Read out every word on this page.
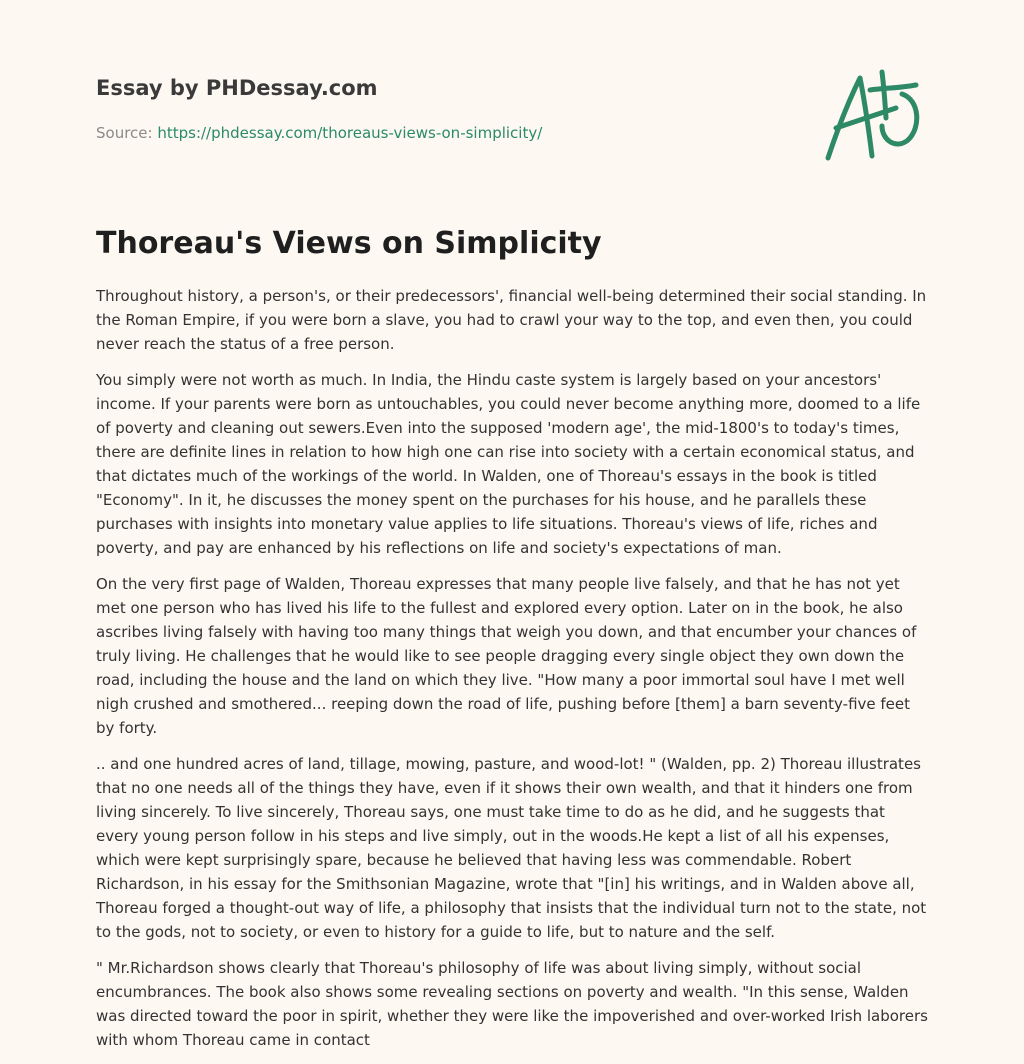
Essay by PHDessay.com
Source: https://phdessay.com/thoreaus-views-on-simplicity/
Thoreau's Views on Simplicity

Throughout history, a person's, or their predecessors', financial well-being determined their social standing. In the Roman Empire, if you were born a slave, you had to crawl your way to the top, and even then, you could never reach the status of a free person.

You simply were not worth as much. In India, the Hindu caste system is largely based on your ancestors' income. If your parents were born as untouchables, you could never become anything more, doomed to a life of poverty and cleaning out sewers.Even into the supposed 'modern age', the mid-1800's to today's times, there are definite lines in relation to how high one can rise into society with a certain economical status, and that dictates much of the workings of the world. In Walden, one of Thoreau's essays in the book is titled "Economy". In it, he discusses the money spent on the purchases for his house, and he parallels these purchases with insights into monetary value applies to life situations. Thoreau's views of life, riches and poverty, and pay are enhanced by his reflections on life and society's expectations of man.

On the very first page of Walden, Thoreau expresses that many people live falsely, and that he has not yet met one person who has lived his life to the fullest and explored every option. Later on in the book, he also ascribes living falsely with having too many things that weigh you down, and that encumber your chances of truly living. He challenges that he would like to see people dragging every single object they own down the road, including the house and the land on which they live. "How many a poor immortal soul have I met well nigh crushed and smothered... reeping down the road of life, pushing before [them] a barn seventy-five feet by forty.

.. and one hundred acres of land, tillage, mowing, pasture, and wood-lot! " (Walden, pp. 2) Thoreau illustrates that no one needs all of the things they have, even if it shows their own wealth, and that it hinders one from living sincerely. To live sincerely, Thoreau says, one must take time to do as he did, and he suggests that every young person follow in his steps and live simply, out in the woods.He kept a list of all his expenses, which were kept surprisingly spare, because he believed that having less was commendable. Robert Richardson, in his essay for the Smithsonian Magazine, wrote that "[in] his writings, and in Walden above all, Thoreau forged a thought-out way of life, a philosophy that insists that the individual turn not to the state, not to the gods, not to society, or even to history for a guide to life, but to nature and the self.

" Mr.Richardson shows clearly that Thoreau's philosophy of life was about living simply, without social encumbrances. The book also shows some revealing sections on poverty and wealth. "In this sense, Walden was directed toward the poor in spirit, whether they were like the impoverished and over-worked Irish laborers with whom Thoreau came in contact
